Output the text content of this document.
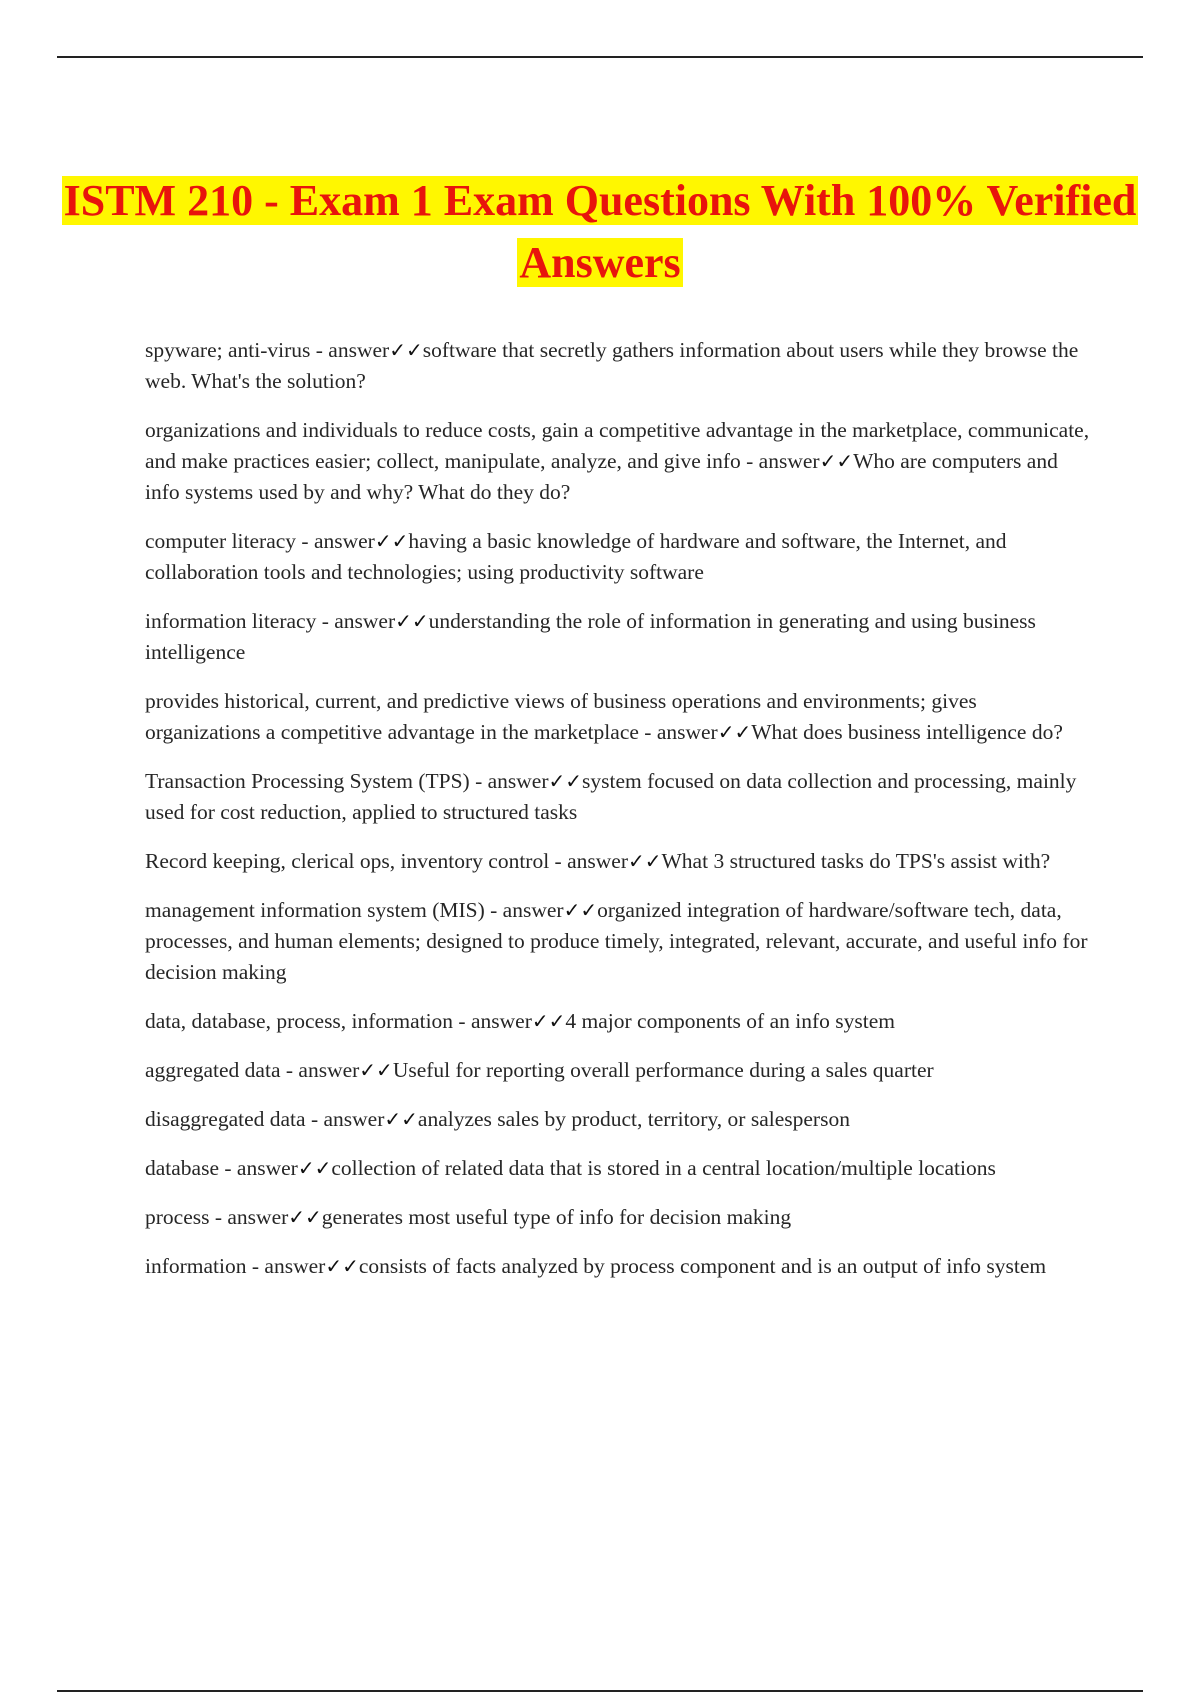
ISTM 210 - Exam 1 Exam Questions With 100% Verified Answers
spyware; anti-virus - answer✓✓software that secretly gathers information about users while they browse the web. What's the solution?
organizations and individuals to reduce costs, gain a competitive advantage in the marketplace, communicate, and make practices easier; collect, manipulate, analyze, and give info - answer✓✓Who are computers and info systems used by and why? What do they do?
computer literacy - answer✓✓having a basic knowledge of hardware and software, the Internet, and collaboration tools and technologies; using productivity software
information literacy - answer✓✓understanding the role of information in generating and using business intelligence
provides historical, current, and predictive views of business operations and environments; gives organizations a competitive advantage in the marketplace - answer✓✓What does business intelligence do?
Transaction Processing System (TPS) - answer✓✓system focused on data collection and processing, mainly used for cost reduction, applied to structured tasks
Record keeping, clerical ops, inventory control - answer✓✓What 3 structured tasks do TPS's assist with?
management information system (MIS) - answer✓✓organized integration of hardware/software tech, data, processes, and human elements; designed to produce timely, integrated, relevant, accurate, and useful info for decision making
data, database, process, information - answer✓✓4 major components of an info system
aggregated data - answer✓✓Useful for reporting overall performance during a sales quarter
disaggregated data - answer✓✓analyzes sales by product, territory, or salesperson
database - answer✓✓collection of related data that is stored in a central location/multiple locations
process - answer✓✓generates most useful type of info for decision making
information - answer✓✓consists of facts analyzed by process component and is an output of info system
